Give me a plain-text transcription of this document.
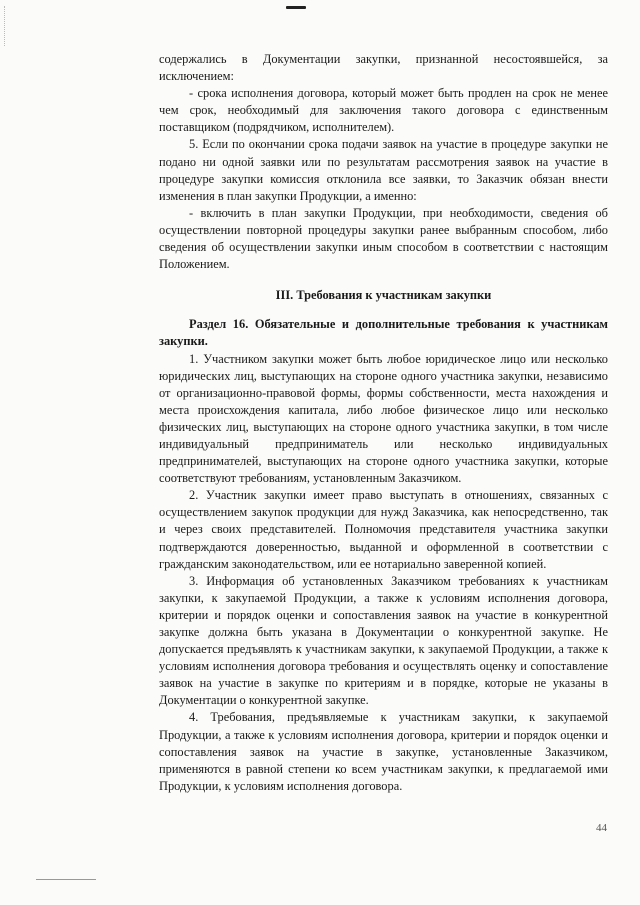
содержались в Документации закупки, признанной несостоявшейся, за исключением:

- срока исполнения договора, который может быть продлен на срок не менее чем срок, необходимый для заключения такого договора с единственным поставщиком (подрядчиком, исполнителем).

5. Если по окончании срока подачи заявок на участие в процедуре закупки не подано ни одной заявки или по результатам рассмотрения заявок на участие в процедуре закупки комиссия отклонила все заявки, то Заказчик обязан внести изменения в план закупки Продукции, а именно:

- включить в план закупки Продукции, при необходимости, сведения об осуществлении повторной процедуры закупки ранее выбранным способом, либо сведения об осуществлении закупки иным способом в соответствии с настоящим Положением.

III. Требования к участникам закупки

Раздел 16. Обязательные и дополнительные требования к участникам закупки.

1. Участником закупки может быть любое юридическое лицо или несколько юридических лиц, выступающих на стороне одного участника закупки, независимо от организационно-правовой формы, формы собственности, места нахождения и места происхождения капитала, либо любое физическое лицо или несколько физических лиц, выступающих на стороне одного участника закупки, в том числе индивидуальный предприниматель или несколько индивидуальных предпринимателей, выступающих на стороне одного участника закупки, которые соответствуют требованиям, установленным Заказчиком.

2. Участник закупки имеет право выступать в отношениях, связанных с осуществлением закупок продукции для нужд Заказчика, как непосредственно, так и через своих представителей. Полномочия представителя участника закупки подтверждаются доверенностью, выданной и оформленной в соответствии с гражданским законодательством, или ее нотариально заверенной копией.

3. Информация об установленных Заказчиком требованиях к участникам закупки, к закупаемой Продукции, а также к условиям исполнения договора, критерии и порядок оценки и сопоставления заявок на участие в конкурентной закупке должна быть указана в Документации о конкурентной закупке. Не допускается предъявлять к участникам закупки, к закупаемой Продукции, а также к условиям исполнения договора требования и осуществлять оценку и сопоставление заявок на участие в закупке по критериям и в порядке, которые не указаны в Документации о конкурентной закупке.

4. Требования, предъявляемые к участникам закупки, к закупаемой Продукции, а также к условиям исполнения договора, критерии и порядок оценки и сопоставления заявок на участие в закупке, установленные Заказчиком, применяются в равной степени ко всем участникам закупки, к предлагаемой ими Продукции, к условиям исполнения договора.

44
